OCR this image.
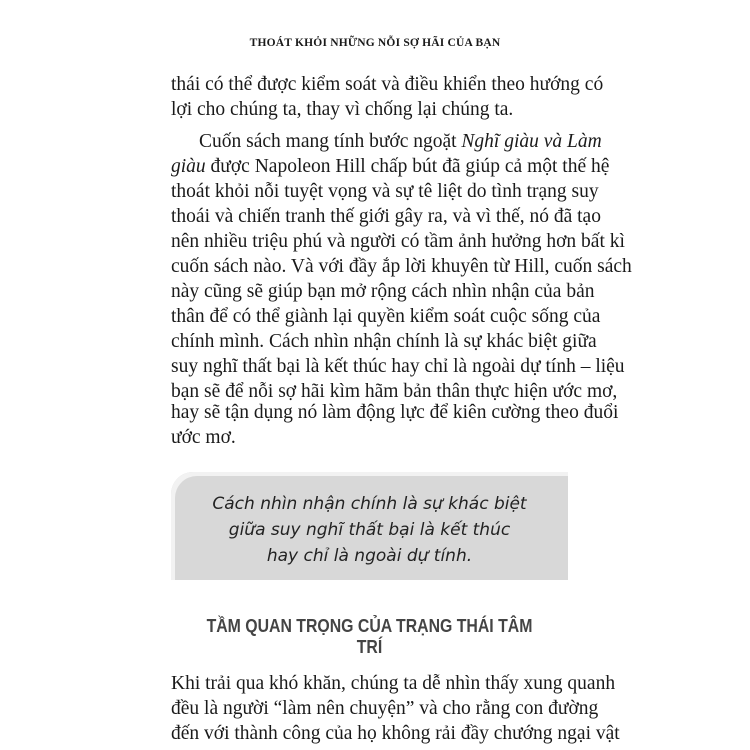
THOÁT KHỎI NHỮNG NỖI SỢ HÃI CỦA BẠN
thái có thể được kiểm soát và điều khiển theo hướng có
lợi cho chúng ta, thay vì chống lại chúng ta.
Cuốn sách mang tính bước ngoặt Nghĩ giàu và Làm
giàu được Napoleon Hill chấp bút đã giúp cả một thế hệ
thoát khỏi nỗi tuyệt vọng và sự tê liệt do tình trạng suy
thoái và chiến tranh thế giới gây ra, và vì thế, nó đã tạo
nên nhiều triệu phú và người có tầm ảnh hưởng hơn bất kì
cuốn sách nào. Và với đầy ắp lời khuyên từ Hill, cuốn sách
này cũng sẽ giúp bạn mở rộng cách nhìn nhận của bản
thân để có thể giành lại quyền kiểm soát cuộc sống của
chính mình. Cách nhìn nhận chính là sự khác biệt giữa
suy nghĩ thất bại là kết thúc hay chỉ là ngoài dự tính – liệu
bạn sẽ để nỗi sợ hãi kìm hãm bản thân thực hiện ước mơ,
hay sẽ tận dụng nó làm động lực để kiên cường theo đuổi
ước mơ.
Cách nhìn nhận chính là sự khác biệt
giữa suy nghĩ thất bại là kết thúc
hay chỉ là ngoài dự tính.
TẦM QUAN TRỌNG CỦA TRẠNG THÁI TÂM TRÍ
Khi trải qua khó khăn, chúng ta dễ nhìn thấy xung quanh
đều là người “làm nên chuyện” và cho rằng con đường
đến với thành công của họ không rải đầy chướng ngại vật
